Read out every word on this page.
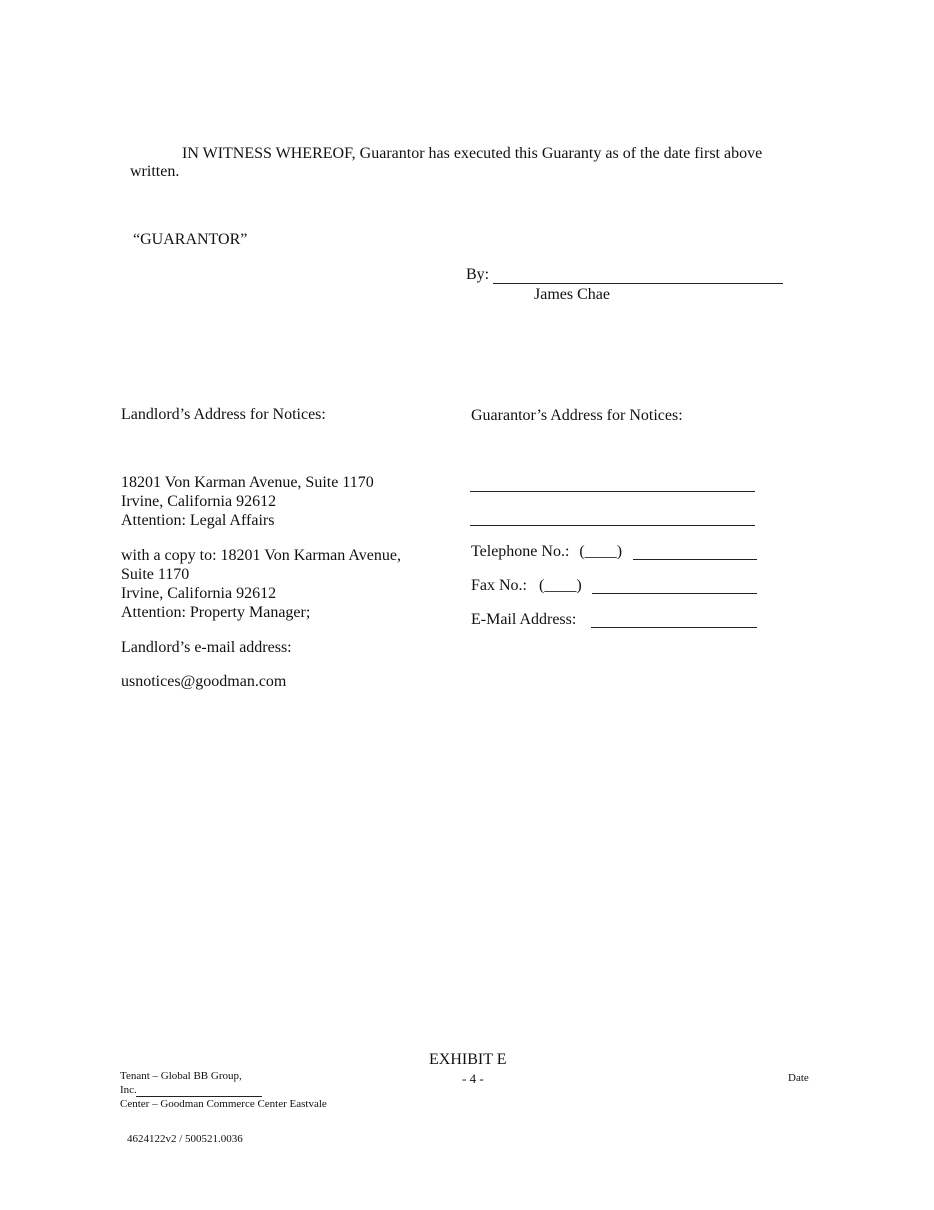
IN WITNESS WHEREOF, Guarantor has executed this Guaranty as of the date first above
written.
“GUARANTOR”
By:
James Chae
Landlord’s Address for Notices:
18201 Von Karman Avenue, Suite 1170
Irvine, California 92612
Attention: Legal Affairs
with a copy to: 18201 Von Karman Avenue,
Suite 1170
Irvine, California 92612
Attention: Property Manager;
Landlord’s e-mail address:
usnotices@goodman.com
Guarantor’s Address for Notices:
Telephone No.: (____)
Fax No.: (____)
E-Mail Address:
EXHIBIT E
- 4 -
Tenant – Global BB Group,
Inc.
Center – Goodman Commerce Center Eastvale
Date
4624122v2 / 500521.0036
